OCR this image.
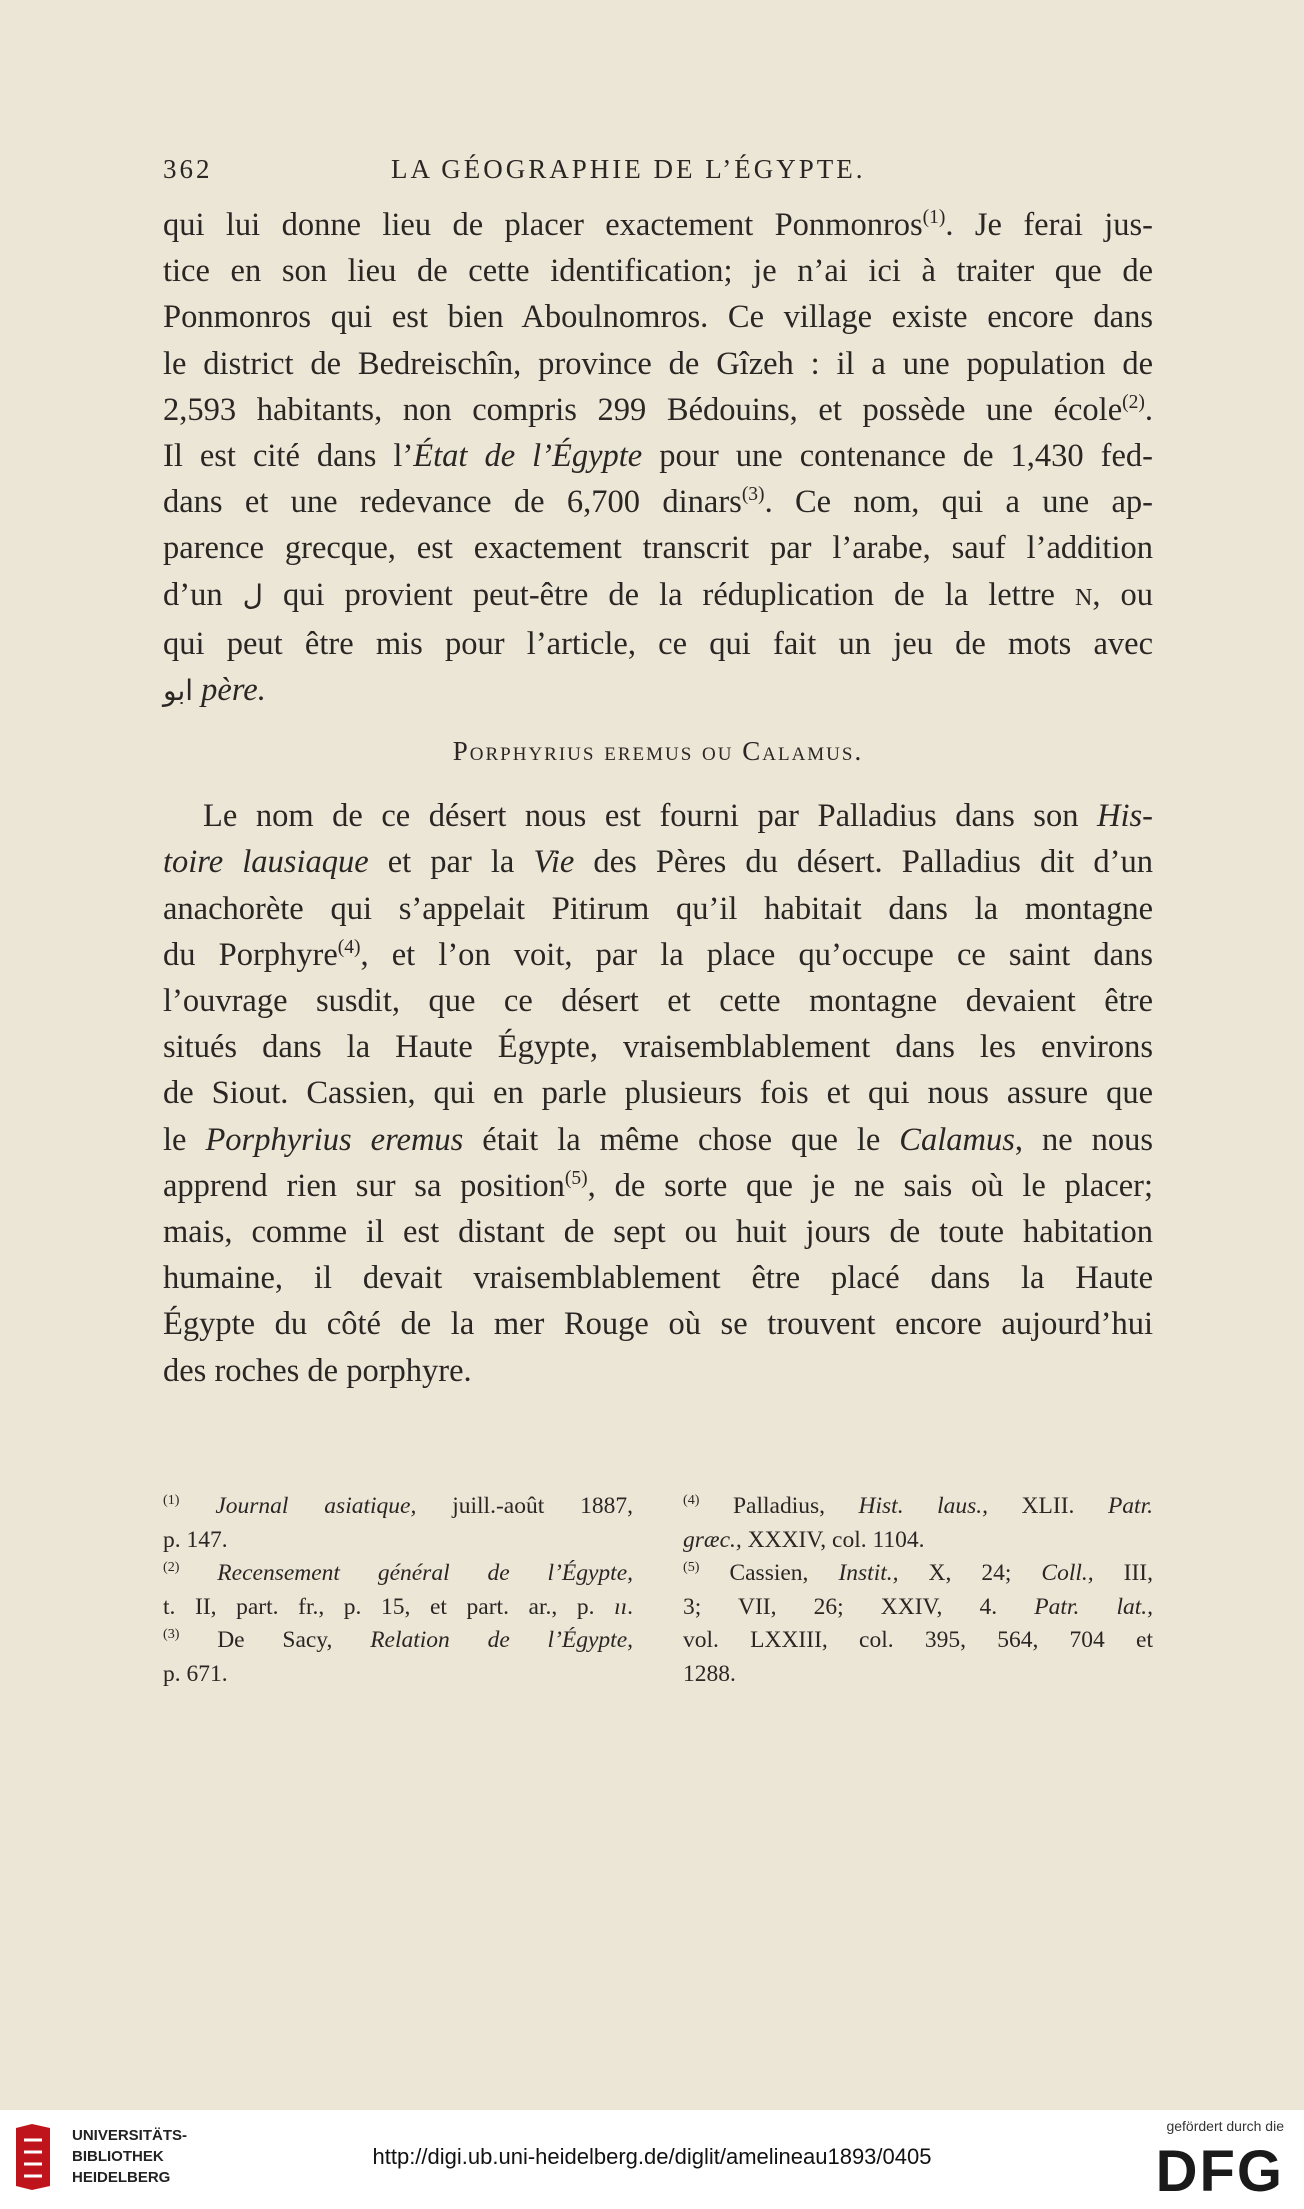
362	LA GÉOGRAPHIE DE L’ÉGYPTE.
qui lui donne lieu de placer exactement Ponmonros$^{(1)}$. Je ferai jus-
tice en son lieu de cette identification; je n’ai ici à traiter que de
Ponmonros qui est bien Aboulnomros. Ce village existe encore dans
le district de Bedreischîn, province de Gîzeh : il a une population de
2,593 habitants, non compris 299 Bédouins, et possède une école$^{(2)}$.
Il est cité dans l’État de l’Égypte pour une contenance de 1,430 fed-
dans et une redevance de 6,700 dinars$^{(3)}$. Ce nom, qui a une ap-
parence grecque, est exactement transcrit par l’arabe, sauf l’addition
d’un ل qui provient peut-être de la réduplication de la lettre N, ou
qui peut être mis pour l’article, ce qui fait un jeu de mots avec
ابو père.
Porphyrius eremus ou Calamus.
Le nom de ce désert nous est fourni par Palladius dans son His-
toire lausiaque et par la Vie des Pères du désert. Palladius dit d’un
anachorète qui s’appelait Pitirum qu’il habitait dans la montagne
du Porphyre$^{(4)}$, et l’on voit, par la place qu’occupe ce saint dans
l’ouvrage susdit, que ce désert et cette montagne devaient être
situés dans la Haute Égypte, vraisemblablement dans les environs
de Siout. Cassien, qui en parle plusieurs fois et qui nous assure que
le Porphyrius eremus était la même chose que le Calamus, ne nous
apprend rien sur sa position$^{(5)}$, de sorte que je ne sais où le placer;
mais, comme il est distant de sept ou huit jours de toute habitation
humaine, il devait vraisemblablement être placé dans la Haute
Égypte du côté de la mer Rouge où se trouvent encore aujourd’hui
des roches de porphyre.
$^{(1)}$ Journal asiatique, juill.-août 1887,
p. 147.
$^{(2)}$ Recensement général de l’Égypte,
t. II, part. fr., p. 15, et part. ar., p. ıı.
$^{(3)}$ De Sacy, Relation de l’Égypte,
p. 671.
$^{(4)}$ Palladius, Hist. laus., XLII. Patr.
græc., XXXIV, col. 1104.
$^{(5)}$ Cassien, Instit., X, 24; Coll., III,
3; VII, 26; XXIV, 4. Patr. lat.,
vol. LXXIII, col. 395, 564, 704 et
1288.
UNIVERSITÄTS-
BIBLIOTHEK
HEIDELBERG
http://digi.ub.uni-heidelberg.de/diglit/amelineau1893/0405
gefördert durch die
DFG
